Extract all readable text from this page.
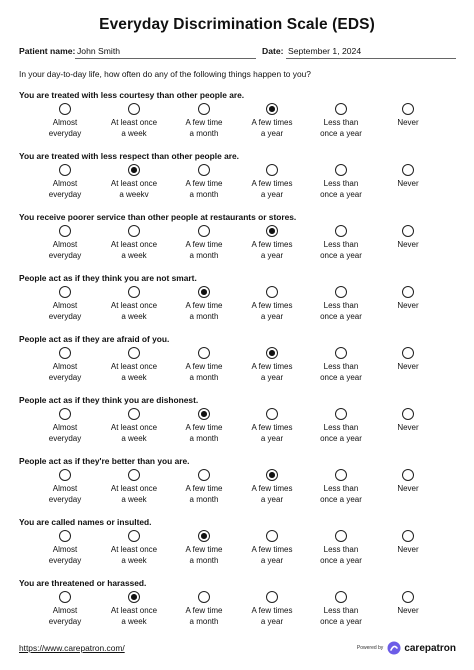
Everyday Discrimination Scale (EDS)
Patient name: John Smith	Date: September 1, 2024
In your day-to-day life, how often do any of the following things happen to you?
You are treated with less courtesy than other people are.
Almost
everyday
At least once
a week
A few time
a month
A few times
a year
Less than
once a year
Never

You are treated with less respect than other people are.
Almost
everyday
At least once
a weekv
A few time
a month
A few times
a year
Less than
once a year
Never

You receive poorer service than other people at restaurants or stores.
Almost
everyday
At least once
a week
A few time
a month
A few times
a year
Less than
once a year
Never

People act as if they think you are not smart.
Almost
everyday
At least once
a week
A few time
a month
A few times
a year
Less than
once a year
Never

People act as if they are afraid of you.
Almost
everyday
At least once
a week
A few time
a month
A few times
a year
Less than
once a year
Never

People act as if they think you are dishonest.
Almost
everyday
At least once
a week
A few time
a month
A few times
a year
Less than
once a year
Never

People act as if they're better than you are.
Almost
everyday
At least once
a week
A few time
a month
A few times
a year
Less than
once a year
Never

You are called names or insulted.
Almost
everyday
At least once
a week
A few time
a month
A few times
a year
Less than
once a year
Never

You are threatened or harassed.
Almost
everyday
At least once
a week
A few time
a month
A few times
a year
Less than
once a year
Never

https://www.carepatron.com/	Powered by carepatron
